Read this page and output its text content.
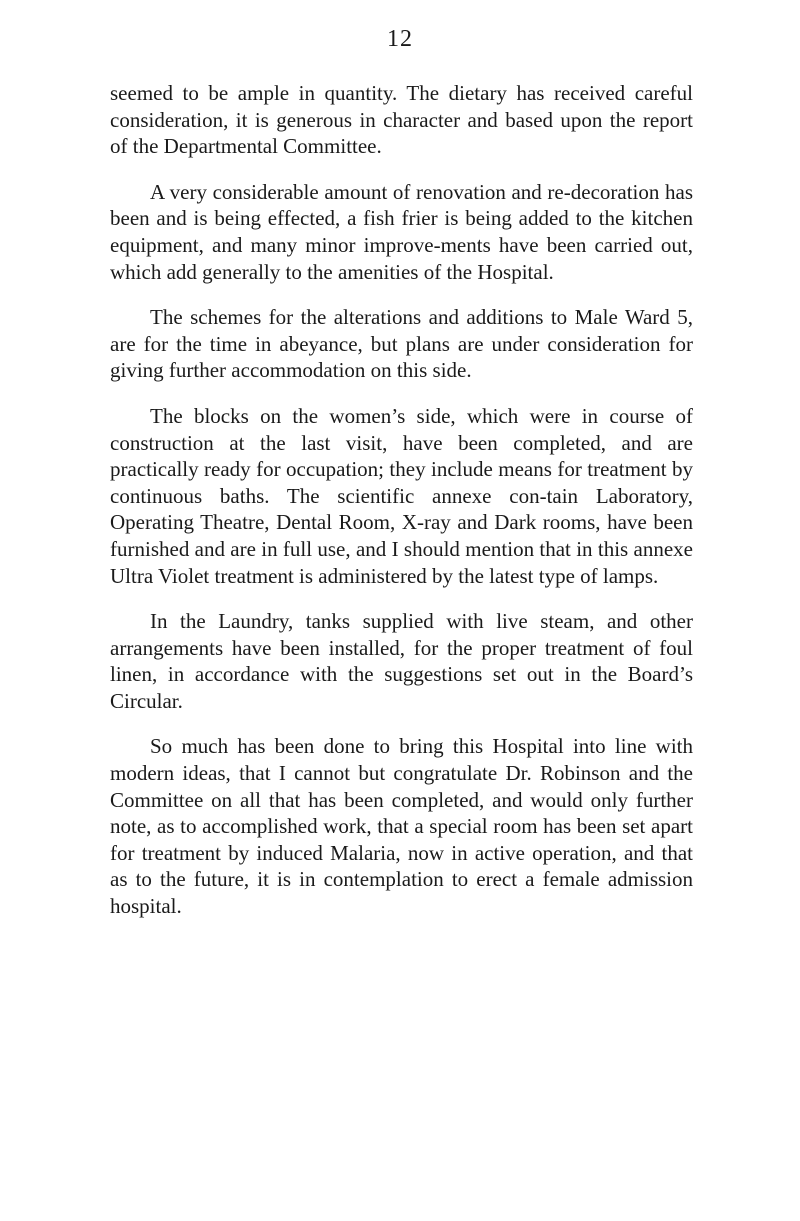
12

seemed to be ample in quantity. The dietary has received careful consideration, it is generous in character and based upon the report of the Departmental Committee.

A very considerable amount of renovation and re-decoration has been and is being effected, a fish frier is being added to the kitchen equipment, and many minor improve-ments have been carried out, which add generally to the amenities of the Hospital.

The schemes for the alterations and additions to Male Ward 5, are for the time in abeyance, but plans are under consideration for giving further accommodation on this side.

The blocks on the women’s side, which were in course of construction at the last visit, have been completed, and are practically ready for occupation; they include means for treatment by continuous baths. The scientific annexe con-tain Laboratory, Operating Theatre, Dental Room, X-ray and Dark rooms, have been furnished and are in full use, and I should mention that in this annexe Ultra Violet treatment is administered by the latest type of lamps.

In the Laundry, tanks supplied with live steam, and other arrangements have been installed, for the proper treatment of foul linen, in accordance with the suggestions set out in the Board’s Circular.

So much has been done to bring this Hospital into line with modern ideas, that I cannot but congratulate Dr. Robinson and the Committee on all that has been completed, and would only further note, as to accomplished work, that a special room has been set apart for treatment by induced Malaria, now in active operation, and that as to the future, it is in contemplation to erect a female admission hospital.
